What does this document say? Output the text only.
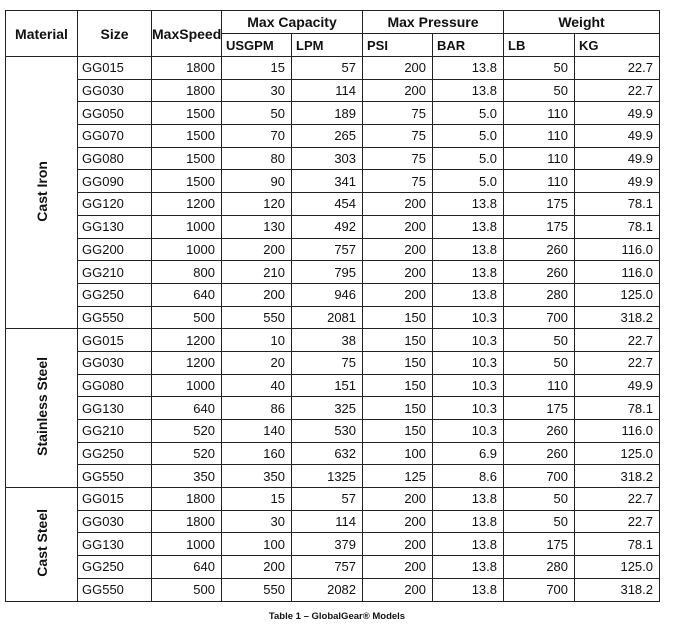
Material	Size	MaxSpeed	Max Capacity		Max Pressure		Weight	
			USGPM	LPM	PSI	BAR	LB	KG
Cast Iron	GG015	1800	15	57	200	13.8	50	22.7
	GG030	1800	30	114	200	13.8	50	22.7
	GG050	1500	50	189	75	5.0	110	49.9
	GG070	1500	70	265	75	5.0	110	49.9
	GG080	1500	80	303	75	5.0	110	49.9
	GG090	1500	90	341	75	5.0	110	49.9
	GG120	1200	120	454	200	13.8	175	78.1
	GG130	1000	130	492	200	13.8	175	78.1
	GG200	1000	200	757	200	13.8	260	116.0
	GG210	800	210	795	200	13.8	260	116.0
	GG250	640	200	946	200	13.8	280	125.0
	GG550	500	550	2081	150	10.3	700	318.2
Stainless Steel	GG015	1200	10	38	150	10.3	50	22.7
	GG030	1200	20	75	150	10.3	50	22.7
	GG080	1000	40	151	150	10.3	110	49.9
	GG130	640	86	325	150	10.3	175	78.1
	GG210	520	140	530	150	10.3	260	116.0
	GG250	520	160	632	100	6.9	260	125.0
	GG550	350	350	1325	125	8.6	700	318.2
Cast Steel	GG015	1800	15	57	200	13.8	50	22.7
	GG030	1800	30	114	200	13.8	50	22.7
	GG130	1000	100	379	200	13.8	175	78.1
	GG250	640	200	757	200	13.8	280	125.0
	GG550	500	550	2082	200	13.8	700	318.2
Table 1 – GlobalGear® Models
